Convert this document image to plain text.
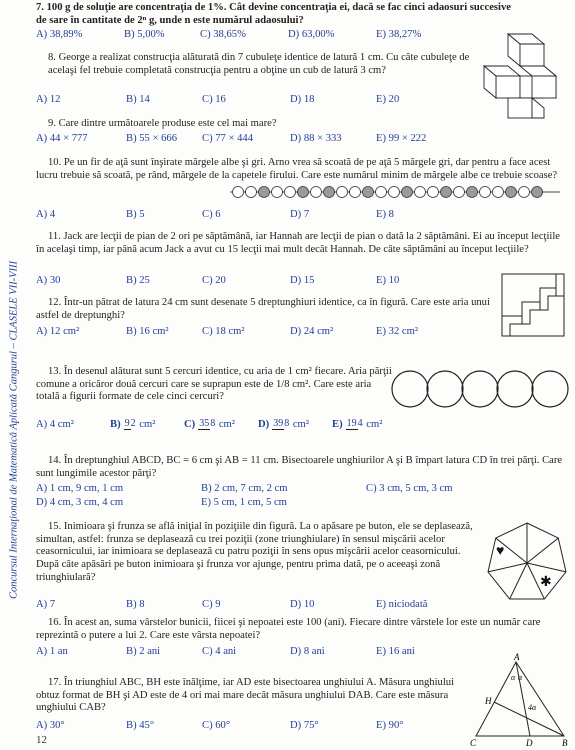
Concursul Internaţional de Matematică Aplicată Cangurul – CLASELE VII-VIII

7. 100 g de soluţie are concentraţia de 1%. Cât devine concentraţia ei, dacă se fac cinci adaosuri succesive

de sare în cantitate de 2ⁿ g, unde n este numărul adaosului?

A) 38,89%	B) 5,00%	C) 38,65%	D) 63,00%	E) 38,27%

8. George a realizat construcţia alăturată din 7 cubuleţe identice de latură 1 cm. Cu câte cubuleţe de acelaşi fel trebuie completată construcţia pentru a obţine un cub de latură 3 cm?

A) 12	B) 14	C) 16	D) 18	E) 20

9. Care dintre următoarele produse este cel mai mare?

A) 44 × 777	B) 55 × 666	C) 77 × 444	D) 88 × 333	E) 99 × 222

10. Pe un fir de aţă sunt înşirate mărgele albe şi gri. Arno vrea să scoată de pe aţă 5 mărgele gri, dar pentru a face acest lucru trebuie să scoată, pe rând, mărgele de la capetele firului. Care este numărul minim de mărgele albe ce trebuie scoase?

A) 4	B) 5	C) 6	D) 7	E) 8

11. Jack are lecţii de pian de 2 ori pe săptămână, iar Hannah are lecţii de pian o dată la 2 săptămâni. Ei au început lecţiile în acelaşi timp, iar până acum Jack a avut cu 15 lecţii mai mult decât Hannah. De câte săptămâni au început lecţiile?

A) 30	B) 25	C) 20	D) 15	E) 10

12. Într-un pătrat de latura 24 cm sunt desenate 5 dreptunghiuri identice, ca în figură. Care este aria unui astfel de dreptunghi?

A) 12 cm²	B) 16 cm²	C) 18 cm²	D) 24 cm²	E) 32 cm²

13. În desenul alăturat sunt 5 cercuri identice, cu aria de 1 cm² fiecare. Aria părţii comune a oricăror două cercuri care se suprapun este de 1/8 cm². Care este aria totală a figurii formate de cele cinci cercuri?

A) 4 cm²	B) 92 cm²	C) 358 cm²	D) 398 cm²	E) 194 cm²

14. În dreptunghiul ABCD, BC = 6 cm şi AB = 11 cm. Bisectoarele unghiurilor A şi B împart latura CD în trei părţi. Care sunt lungimile acestor părţi?

A) 1 cm, 9 cm, 1 cm	B) 2 cm, 7 cm, 2 cm	C) 3 cm, 5 cm, 3 cm
D) 4 cm, 3 cm, 4 cm	E) 5 cm, 1 cm, 5 cm

15. Inimioara şi frunza se află iniţial în poziţiile din figură. La o apăsare pe buton, ele se deplasează, simultan, astfel: frunza se deplasează cu trei poziţii (zone triunghiulare) în sensul mişcării acelor ceasornicului, iar inimioara se deplasează cu patru poziţii în sens opus mişcării acelor ceasornicului. După câte apăsări pe buton inimioara şi frunza vor ajunge, pentru prima dată, pe o aceeaşi zonă triunghiulară?

♥
✱
A) 7	B) 8	C) 9	D) 10	E) niciodată

16. În acest an, suma vârstelor bunicii, fiicei şi nepoatei este 100 (ani). Fiecare dintre vârstele lor este un număr care reprezintă o putere a lui 2. Care este vârsta nepoatei?

A) 1 an	B) 2 ani	C) 4 ani	D) 8 ani	E) 16 ani

17. În triunghiul ABC, BH este înălţime, iar AD este bisectoarea unghiului A. Măsura unghiului obtuz format de BH şi AD este de 4 ori mai mare decât măsura unghiului DAB. Care este măsura unghiului CAB?

A) 30°	B) 45°	C) 60°	D) 75°	E) 90°
A
C	B
D
H
α α
4α
12
